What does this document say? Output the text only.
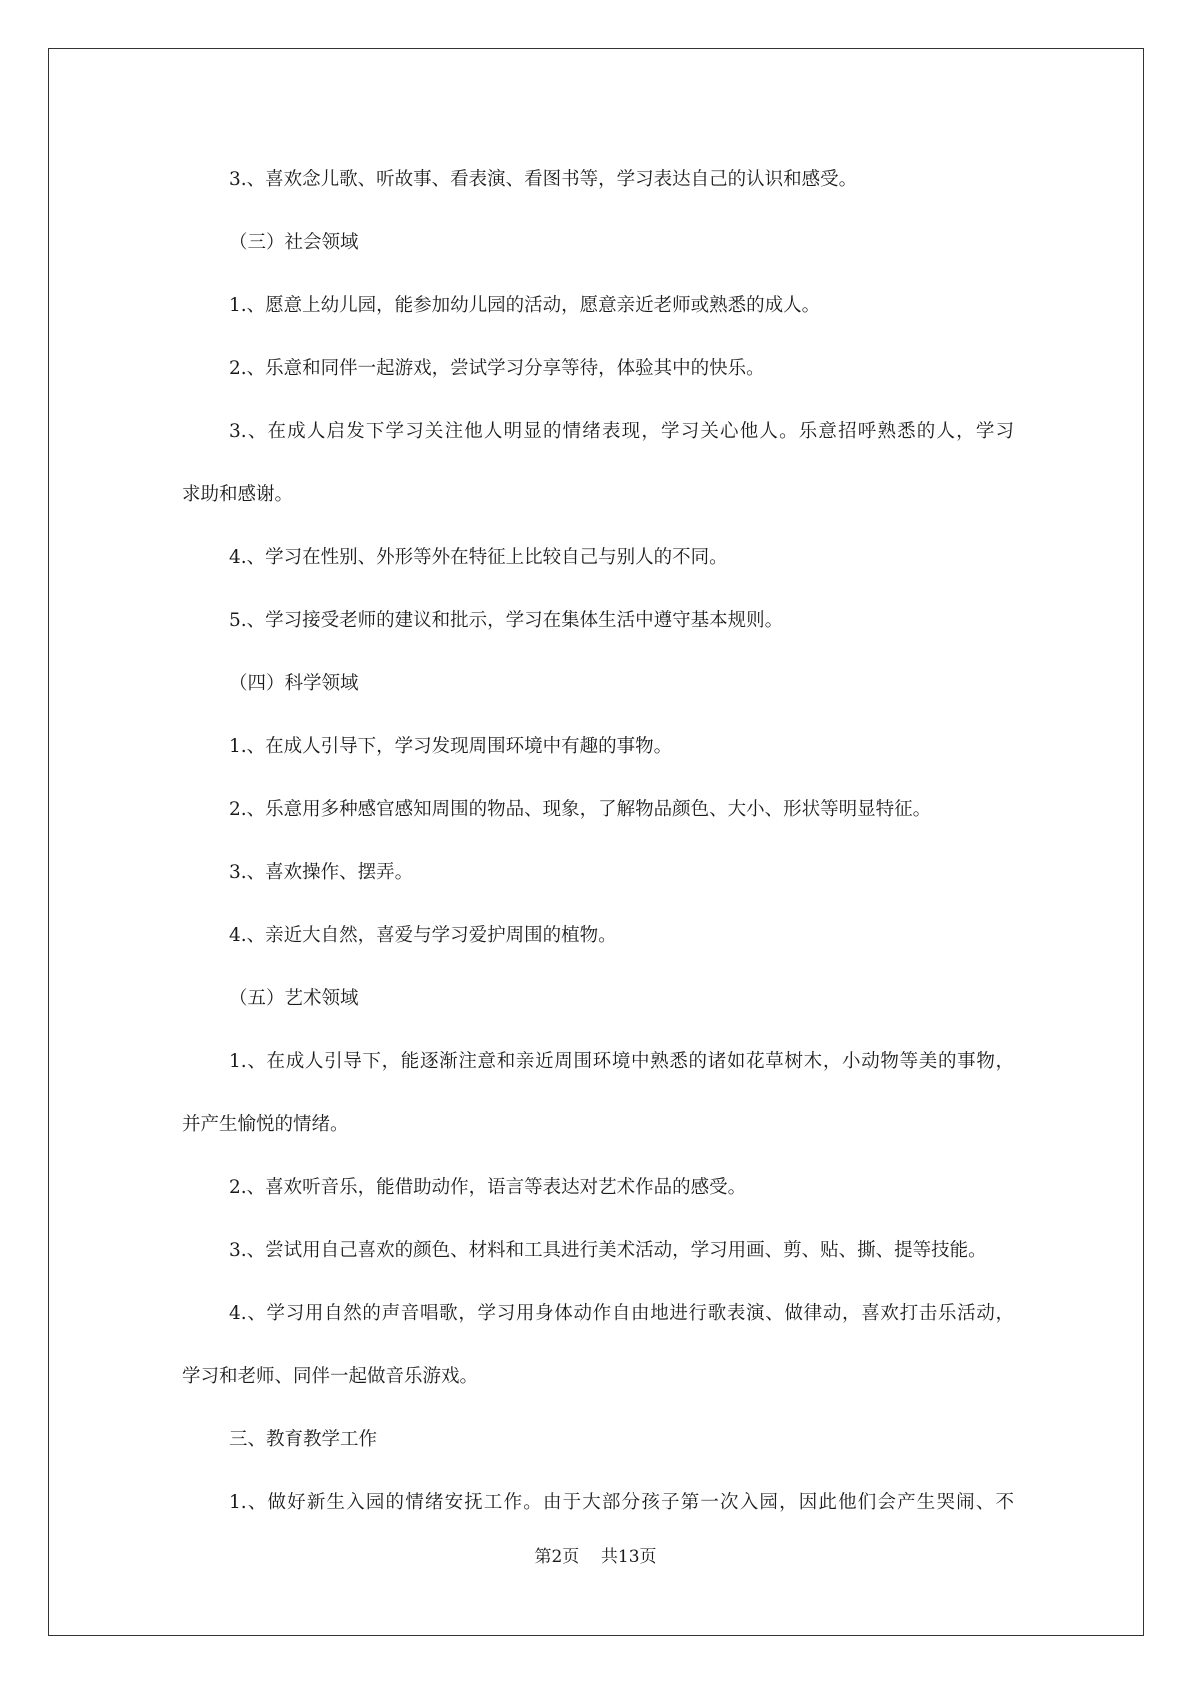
3.、喜欢念儿歌、听故事、看表演、看图书等，学习表达自己的认识和感受。

（三）社会领域

1.、愿意上幼儿园，能参加幼儿园的活动，愿意亲近老师或熟悉的成人。

2.、乐意和同伴一起游戏，尝试学习分享等待，体验其中的快乐。

3.、在成人启发下学习关注他人明显的情绪表现，学习关心他人。乐意招呼熟悉的人，学习

求助和感谢。

4.、学习在性别、外形等外在特征上比较自己与别人的不同。

5.、学习接受老师的建议和批示，学习在集体生活中遵守基本规则。

（四）科学领域

1.、在成人引导下，学习发现周围环境中有趣的事物。

2.、乐意用多种感官感知周围的物品、现象，了解物品颜色、大小、形状等明显特征。

3.、喜欢操作、摆弄。

4.、亲近大自然，喜爱与学习爱护周围的植物。

（五）艺术领域

1.、在成人引导下，能逐渐注意和亲近周围环境中熟悉的诸如花草树木，小动物等美的事物，

并产生愉悦的情绪。

2.、喜欢听音乐，能借助动作，语言等表达对艺术作品的感受。

3.、尝试用自己喜欢的颜色、材料和工具进行美术活动，学习用画、剪、贴、撕、提等技能。

4.、学习用自然的声音唱歌，学习用身体动作自由地进行歌表演、做律动，喜欢打击乐活动，

学习和老师、同伴一起做音乐游戏。

三、教育教学工作

1.、做好新生入园的情绪安抚工作。由于大部分孩子第一次入园，因此他们会产生哭闹、不

第2页    共13页
